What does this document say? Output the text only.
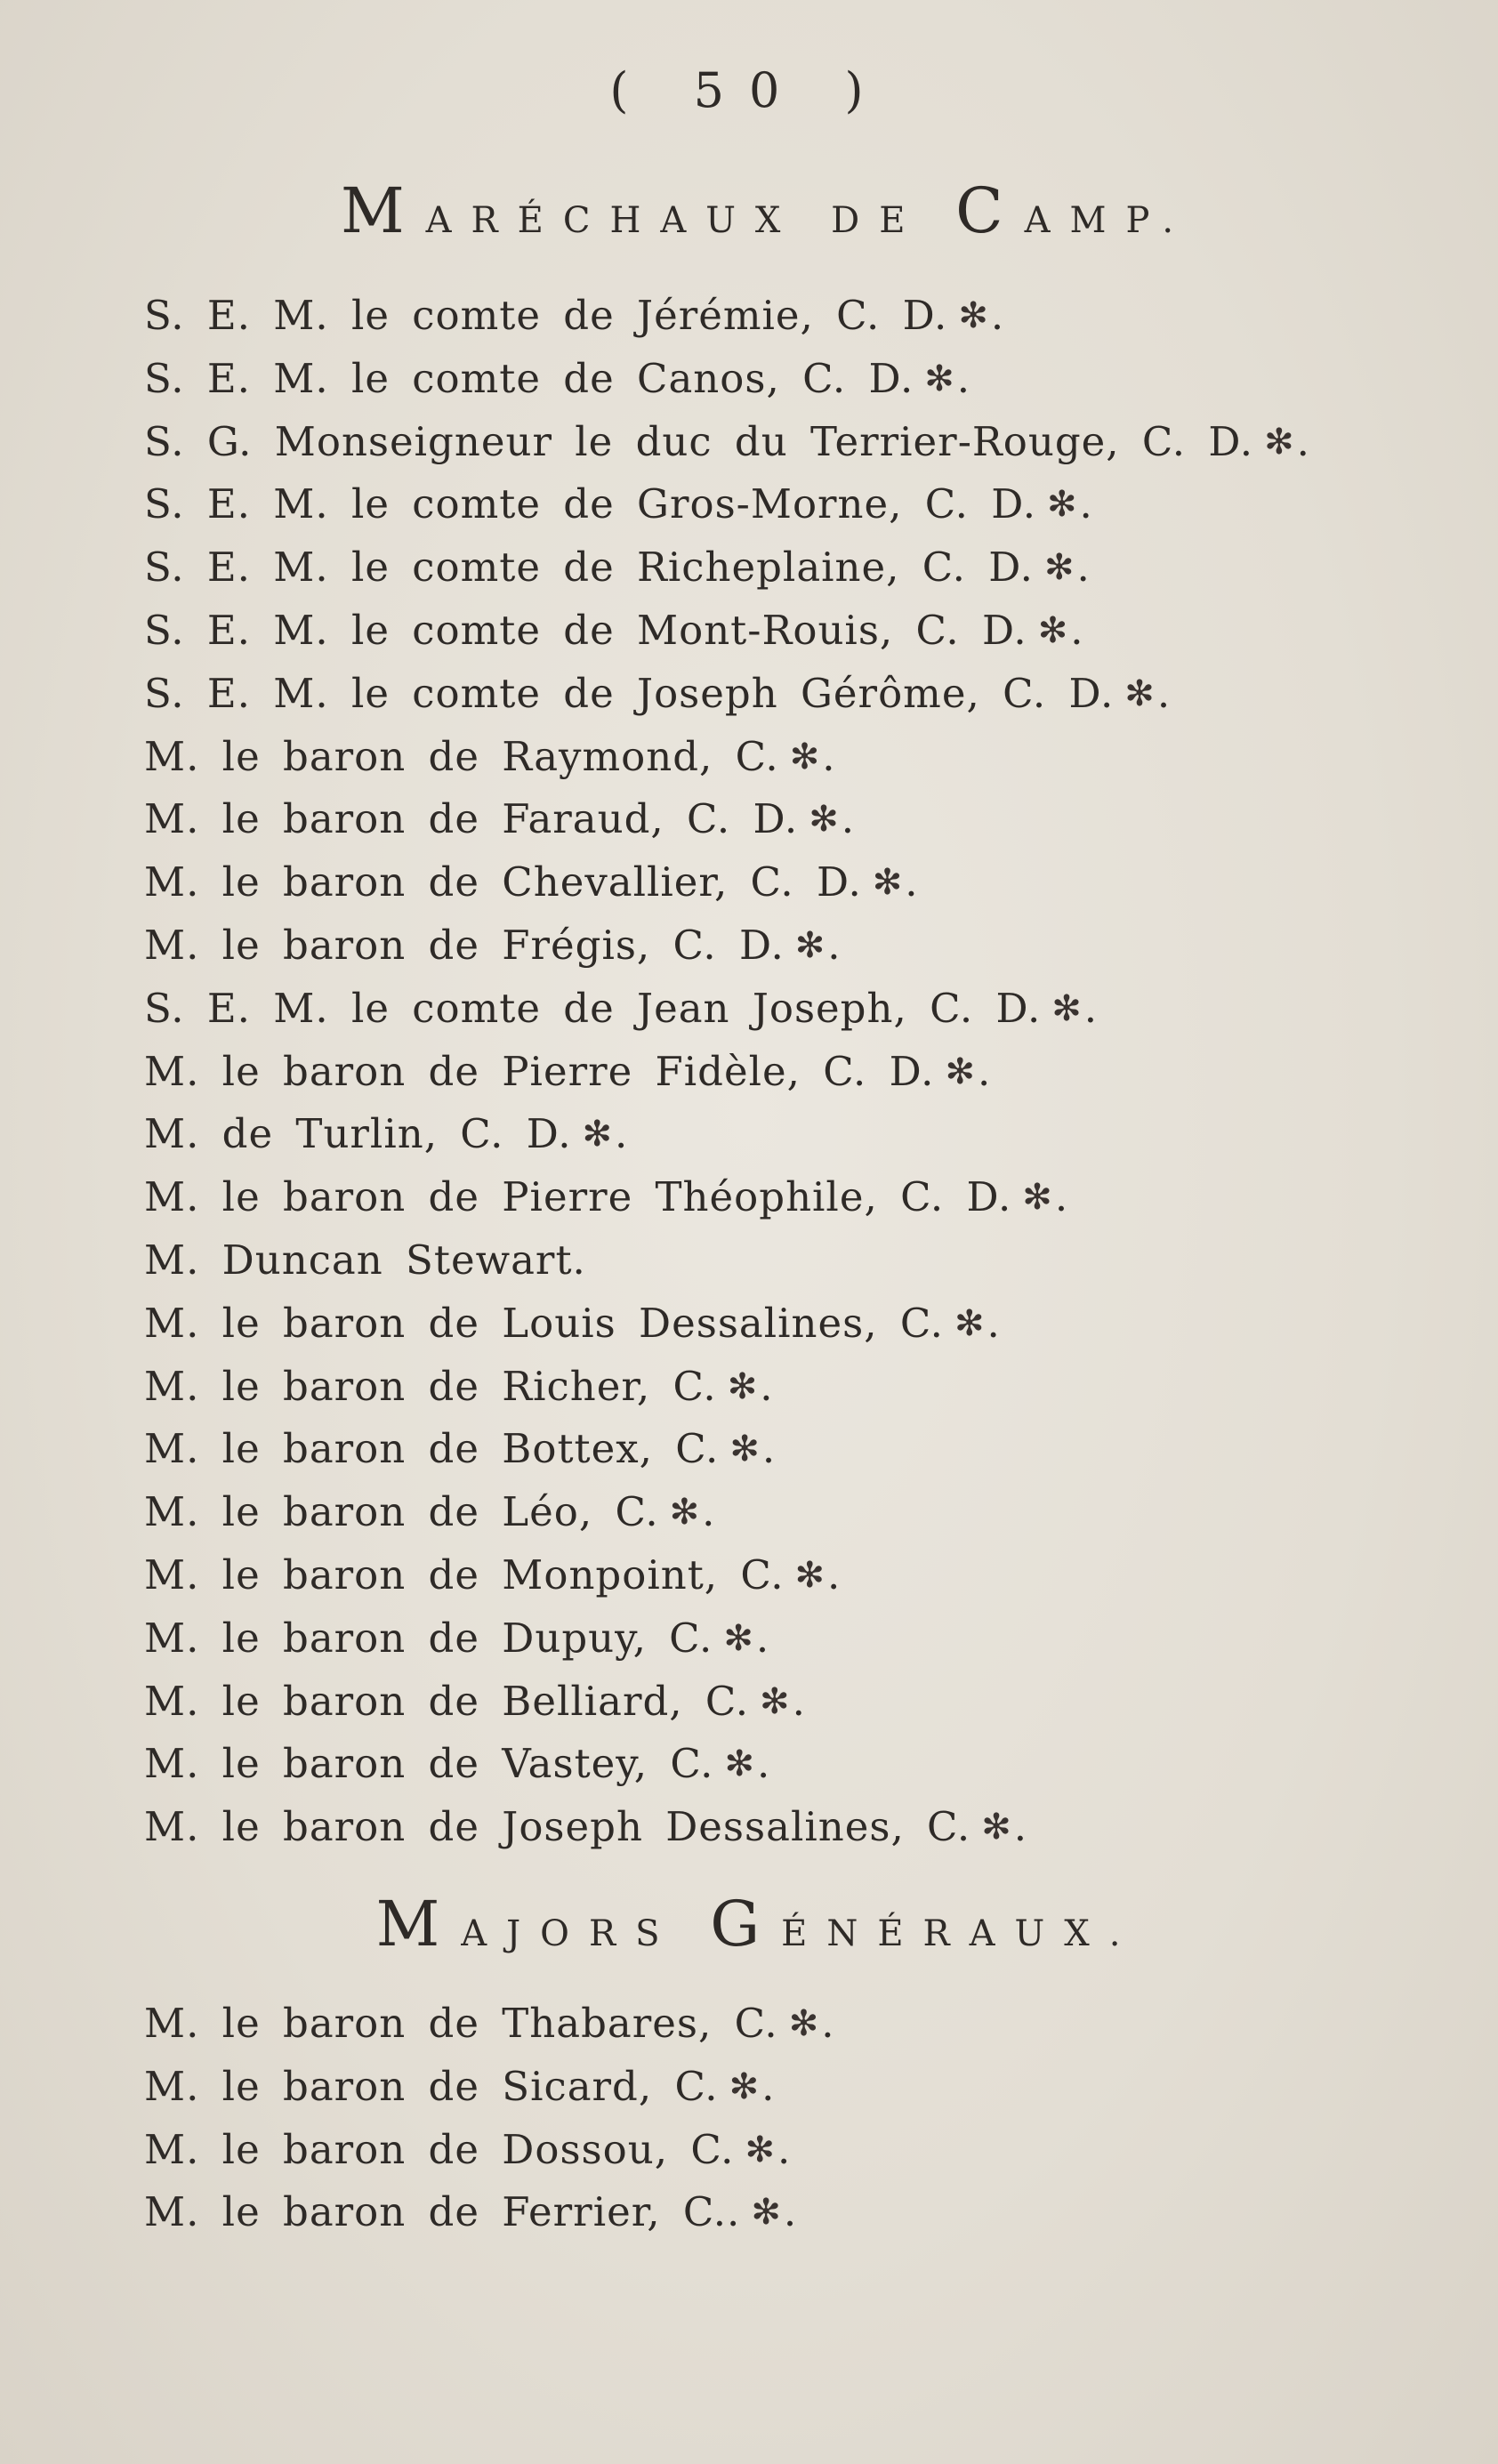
( 50 )
MARÉCHAUX DE CAMP.
S. E. M. le comte de Jérémie, C. D. ✻.
S. E. M. le comte de Canos, C. D. ✻.
S. G. Monseigneur le duc du Terrier-Rouge, C. D. ✻.
S. E. M. le comte de Gros-Morne, C. D. ✻.
S. E. M. le comte de Richeplaine, C. D. ✻.
S. E. M. le comte de Mont-Rouis, C. D. ✻.
S. E. M. le comte de Joseph Gérôme, C. D. ✻.
M. le baron de Raymond, C. ✻.
M. le baron de Faraud, C. D. ✻.
M. le baron de Chevallier, C. D. ✻.
M. le baron de Frégis, C. D. ✻.
S. E. M. le comte de Jean Joseph, C. D. ✻.
M. le baron de Pierre Fidèle, C. D. ✻.
M. de Turlin, C. D. ✻.
M. le baron de Pierre Théophile, C. D. ✻.
M. Duncan Stewart.
M. le baron de Louis Dessalines, C. ✻.
M. le baron de Richer, C. ✻.
M. le baron de Bottex, C. ✻.
M. le baron de Léo, C. ✻.
M. le baron de Monpoint, C. ✻.
M. le baron de Dupuy, C. ✻.
M. le baron de Belliard, C. ✻.
M. le baron de Vastey, C. ✻.
M. le baron de Joseph Dessalines, C. ✻.
MAJORS GÉNÉRAUX.
M. le baron de Thabares, C. ✻.
M. le baron de Sicard, C. ✻.
M. le baron de Dossou, C. ✻.
M. le baron de Ferrier, C.. ✻.
